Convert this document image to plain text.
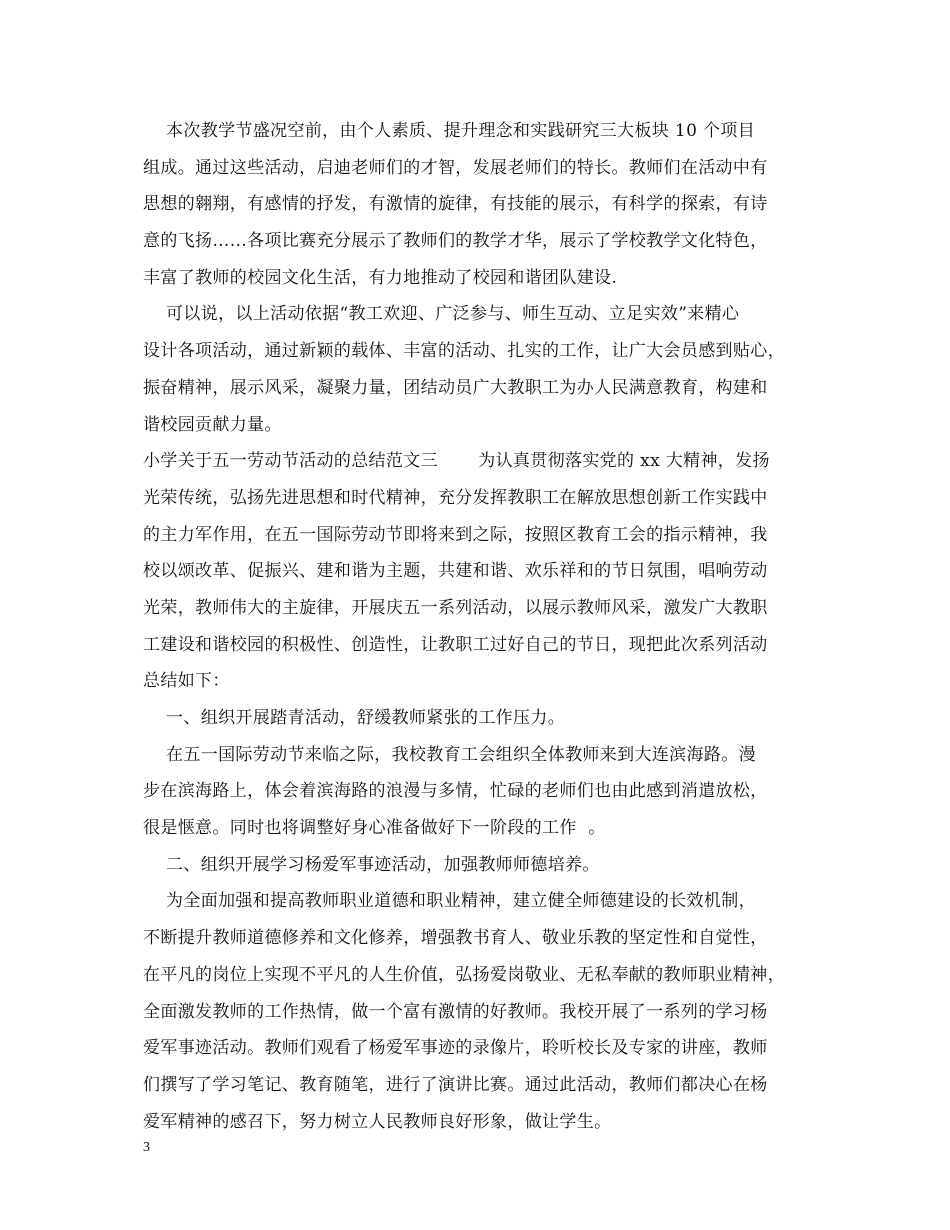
本次教学节盛况空前，由个人素质、提升理念和实践研究三大板块 10 个项目
组成。通过这些活动，启迪老师们的才智，发展老师们的特长。教师们在活动中有
思想的翱翔，有感情的抒发，有激情的旋律，有技能的展示，有科学的探索，有诗
意的飞扬……各项比赛充分展示了教师们的教学才华，展示了学校教学文化特色，
丰富了教师的校园文化生活，有力地推动了校园和谐团队建设.
可以说，以上活动依据“教工欢迎、广泛参与、师生互动、立足实效”来精心
设计各项活动，通过新颖的载体、丰富的活动、扎实的工作，让广大会员感到贴心，
振奋精神，展示风采，凝聚力量，团结动员广大教职工为办人民满意教育，构建和
谐校园贡献力量。
小学关于五一劳动节活动的总结范文三       为认真贯彻落实党的 xx 大精神，发扬
光荣传统，弘扬先进思想和时代精神，充分发挥教职工在解放思想创新工作实践中
的主力军作用，在五一国际劳动节即将来到之际，按照区教育工会的指示精神，我
校以颂改革、促振兴、建和谐为主题，共建和谐、欢乐祥和的节日氛围，唱响劳动
光荣，教师伟大的主旋律，开展庆五一系列活动，以展示教师风采，激发广大教职
工建设和谐校园的积极性、创造性，让教职工过好自己的节日，现把此次系列活动
总结如下：
一、组织开展踏青活动，舒缓教师紧张的工作压力。
在五一国际劳动节来临之际，我校教育工会组织全体教师来到大连滨海路。漫
步在滨海路上，体会着滨海路的浪漫与多情，忙碌的老师们也由此感到消遣放松，
很是惬意。同时也将调整好身心准备做好下一阶段的工作  。
二、组织开展学习杨爱军事迹活动，加强教师师德培养。
为全面加强和提高教师职业道德和职业精神，建立健全师德建设的长效机制，
不断提升教师道德修养和文化修养，增强教书育人、敬业乐教的坚定性和自觉性，
在平凡的岗位上实现不平凡的人生价值，弘扬爱岗敬业、无私奉献的教师职业精神，
全面激发教师的工作热情，做一个富有激情的好教师。我校开展了一系列的学习杨
爱军事迹活动。教师们观看了杨爱军事迹的录像片，聆听校长及专家的讲座，教师
们撰写了学习笔记、教育随笔，进行了演讲比赛。通过此活动，教师们都决心在杨
爱军精神的感召下，努力树立人民教师良好形象，做让学生。
3
